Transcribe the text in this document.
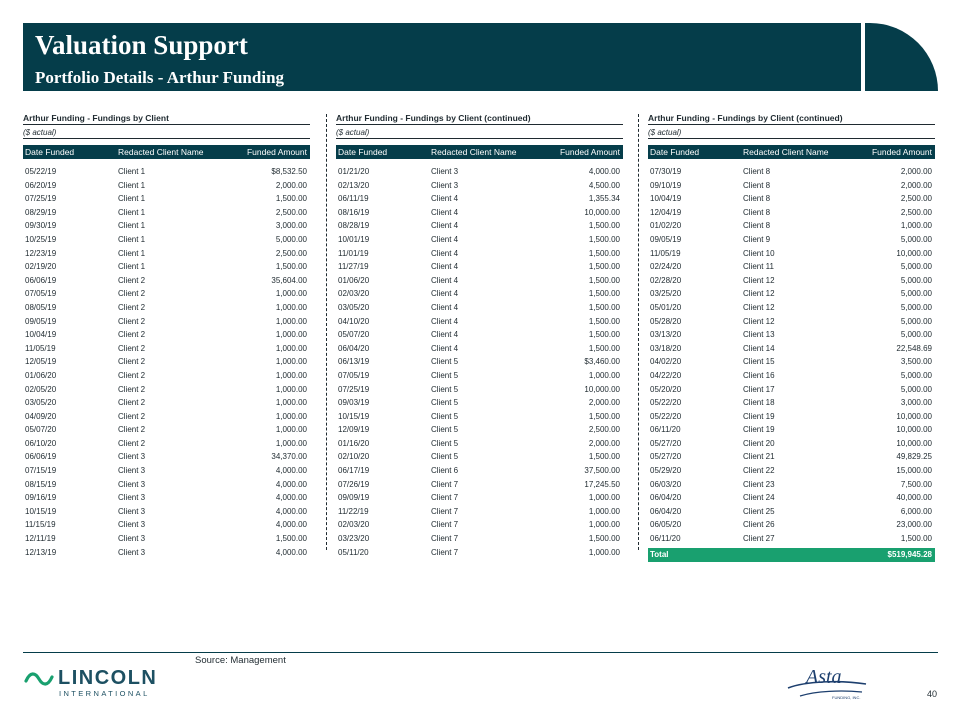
Valuation Support
Portfolio Details - Arthur Funding
Arthur Funding - Fundings by Client
($ actual)
Date Funded	Redacted Client Name	Funded Amount
05/22/19	Client 1	$8,532.50
06/20/19	Client 1	2,000.00
07/25/19	Client 1	1,500.00
08/29/19	Client 1	2,500.00
09/30/19	Client 1	3,000.00
10/25/19	Client 1	5,000.00
12/23/19	Client 1	2,500.00
02/19/20	Client 1	1,500.00
06/06/19	Client 2	35,604.00
07/05/19	Client 2	1,000.00
08/05/19	Client 2	1,000.00
09/05/19	Client 2	1,000.00
10/04/19	Client 2	1,000.00
11/05/19	Client 2	1,000.00
12/05/19	Client 2	1,000.00
01/06/20	Client 2	1,000.00
02/05/20	Client 2	1,000.00
03/05/20	Client 2	1,000.00
04/09/20	Client 2	1,000.00
05/07/20	Client 2	1,000.00
06/10/20	Client 2	1,000.00
06/06/19	Client 3	34,370.00
07/15/19	Client 3	4,000.00
08/15/19	Client 3	4,000.00
09/16/19	Client 3	4,000.00
10/15/19	Client 3	4,000.00
11/15/19	Client 3	4,000.00
12/11/19	Client 3	1,500.00
12/13/19	Client 3	4,000.00
Arthur Funding - Fundings by Client (continued)
($ actual)
Date Funded	Redacted Client Name	Funded Amount
01/21/20	Client 3	4,000.00
02/13/20	Client 3	4,500.00
06/11/19	Client 4	1,355.34
08/16/19	Client 4	10,000.00
08/28/19	Client 4	1,500.00
10/01/19	Client 4	1,500.00
11/01/19	Client 4	1,500.00
11/27/19	Client 4	1,500.00
01/06/20	Client 4	1,500.00
02/03/20	Client 4	1,500.00
03/05/20	Client 4	1,500.00
04/10/20	Client 4	1,500.00
05/07/20	Client 4	1,500.00
06/04/20	Client 4	1,500.00
06/13/19	Client 5	$3,460.00
07/05/19	Client 5	1,000.00
07/25/19	Client 5	10,000.00
09/03/19	Client 5	2,000.00
10/15/19	Client 5	1,500.00
12/09/19	Client 5	2,500.00
01/16/20	Client 5	2,000.00
02/10/20	Client 5	1,500.00
06/17/19	Client 6	37,500.00
07/26/19	Client 7	17,245.50
09/09/19	Client 7	1,000.00
11/22/19	Client 7	1,000.00
02/03/20	Client 7	1,000.00
03/23/20	Client 7	1,500.00
05/11/20	Client 7	1,000.00
Arthur Funding - Fundings by Client (continued)
($ actual)
Date Funded	Redacted Client Name	Funded Amount
07/30/19	Client 8	2,000.00
09/10/19	Client 8	2,000.00
10/04/19	Client 8	2,500.00
12/04/19	Client 8	2,500.00
01/02/20	Client 8	1,000.00
09/05/19	Client 9	5,000.00
11/05/19	Client 10	10,000.00
02/24/20	Client 11	5,000.00
02/28/20	Client 12	5,000.00
03/25/20	Client 12	5,000.00
05/01/20	Client 12	5,000.00
05/28/20	Client 12	5,000.00
03/13/20	Client 13	5,000.00
03/18/20	Client 14	22,548.69
04/02/20	Client 15	3,500.00
04/22/20	Client 16	5,000.00
05/20/20	Client 17	5,000.00
05/22/20	Client 18	3,000.00
05/22/20	Client 19	10,000.00
06/11/20	Client 19	10,000.00
05/27/20	Client 20	10,000.00
05/27/20	Client 21	49,829.25
05/29/20	Client 22	15,000.00
06/03/20	Client 23	7,500.00
06/04/20	Client 24	40,000.00
06/04/20	Client 25	6,000.00
06/05/20	Client 26	23,000.00
06/11/20	Client 27	1,500.00
Total	$519,945.28
Source: Management
LINCOLN
INTERNATIONAL
Asta
FUNDING, INC.	40
